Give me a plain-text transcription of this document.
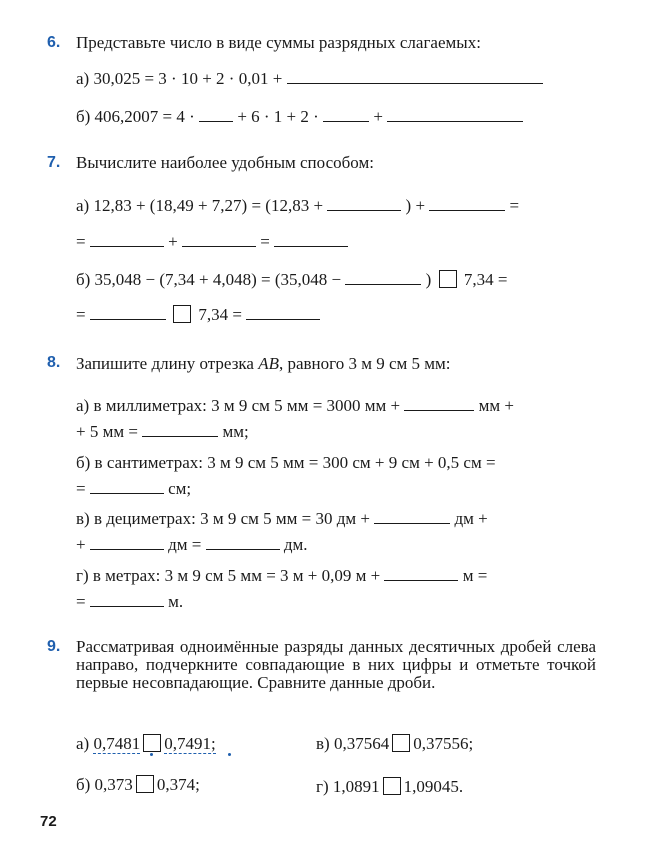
6. Представьте число в виде суммы разрядных слагаемых:
а) 30,025 = 3 · 10 + 2 · 0,01 +
б) 406,2007 = 4 ·	+ 6 · 1 + 2 ·	+
7. Вычислите наиболее удобным способом:
а) 12,83 + (18,49 + 7,27) = (12,83 +	) +	=
=	+	=
б) 35,048 − (7,34 + 4,048) = (35,048 −	) 7,34 =
=	7,34 =
8. Запишите длину отрезка AB, равного 3 м 9 см 5 мм:
а) в миллиметрах: 3 м 9 см 5 мм = 3000 мм +	мм +
+ 5 мм =	мм;
б) в сантиметрах: 3 м 9 см 5 мм = 300 см + 9 см + 0,5 см =
=	см;
в) в дециметрах: 3 м 9 см 5 мм = 30 дм +	дм +
+	дм =	дм.
г) в метрах: 3 м 9 см 5 мм = 3 м + 0,09 м +	м =
=	м.
9. Рассматривая одноимённые разряды данных десятичных дробей слева направо, подчеркните совпадающие в них цифры и отметьте точкой первые несовпадающие. Сравните данные дроби.
а) 0,7481 0,7491;	в) 0,37564 0,37556;
б) 0,373 0,374;	г) 1,0891 1,09045.
72
